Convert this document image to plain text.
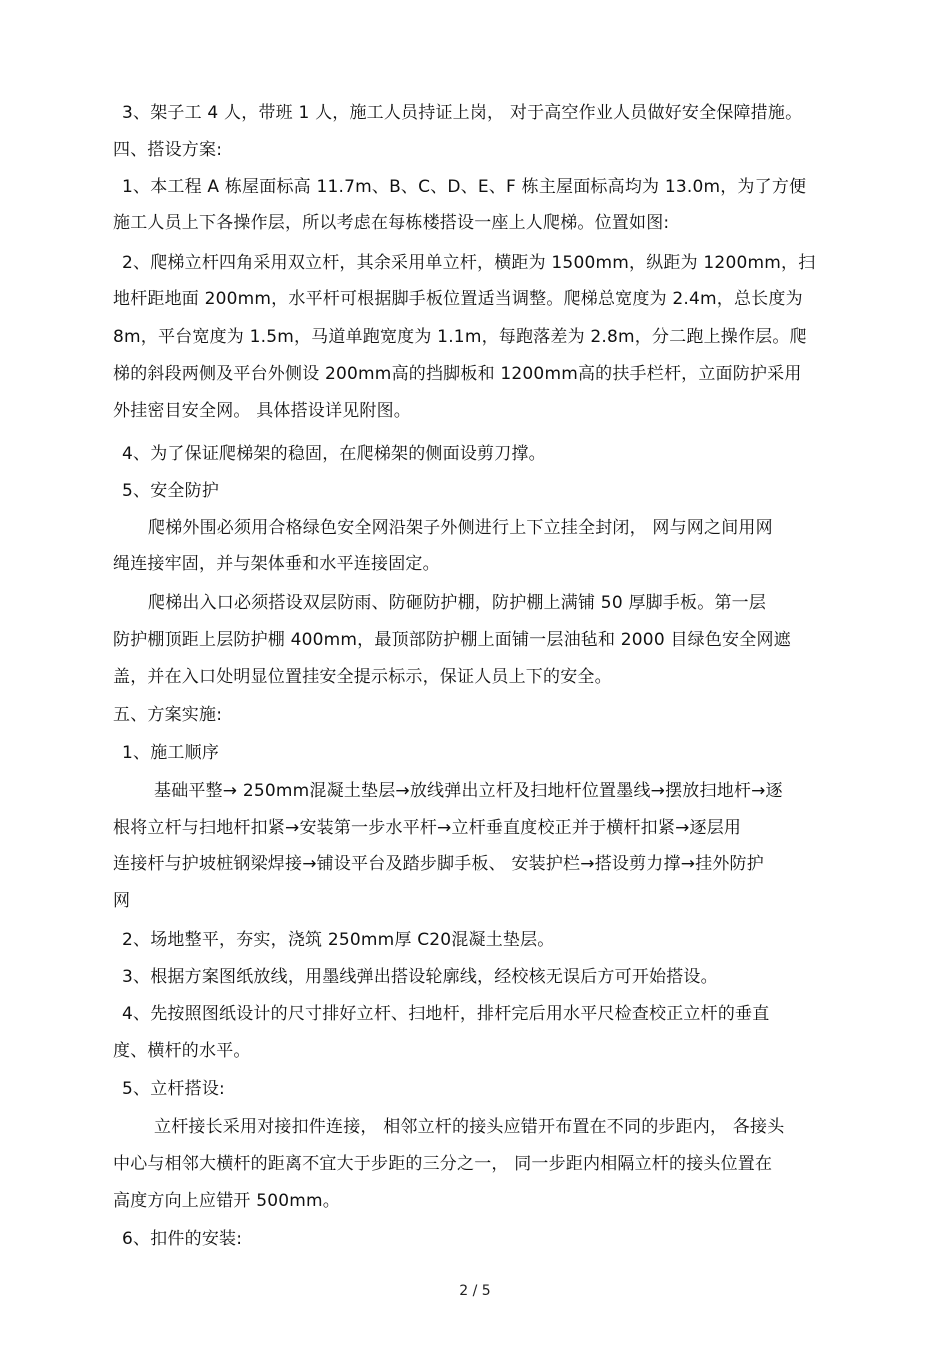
3、架子工 4 人，带班 1 人，施工人员持证上岗， 对于高空作业人员做好安全保障措施。
四、搭设方案:
1、本工程 A 栋屋面标高 11.7m、B、C、D、E、F 栋主屋面标高均为 13.0m，为了方便
施工人员上下各操作层，所以考虑在每栋楼搭设一座上人爬梯。位置如图:
2、爬梯立杆四角采用双立杆，其余采用单立杆，横距为 1500mm，纵距为 1200mm，扫
地杆距地面 200mm，水平杆可根据脚手板位置适当调整。爬梯总宽度为 2.4m，总长度为
8m，平台宽度为 1.5m，马道单跑宽度为 1.1m，每跑落差为 2.8m，分二跑上操作层。爬
梯的斜段两侧及平台外侧设 200mm高的挡脚板和 1200mm高的扶手栏杆，立面防护采用
外挂密目安全网。 具体搭设详见附图。
4、为了保证爬梯架的稳固，在爬梯架的侧面设剪刀撑。
5、安全防护
爬梯外围必须用合格绿色安全网沿架子外侧进行上下立挂全封闭， 网与网之间用网
绳连接牢固，并与架体垂和水平连接固定。
爬梯出入口必须搭设双层防雨、防砸防护棚，防护棚上满铺 50 厚脚手板。第一层
防护棚顶距上层防护棚 400mm，最顶部防护棚上面铺一层油毡和 2000 目绿色安全网遮
盖，并在入口处明显位置挂安全提示标示，保证人员上下的安全。
五、方案实施:
1、施工顺序
基础平整→ 250mm混凝土垫层→放线弹出立杆及扫地杆位置墨线→摆放扫地杆→逐
根将立杆与扫地杆扣紧→安装第一步水平杆→立杆垂直度校正并于横杆扣紧→逐层用
连接杆与护坡桩钢梁焊接→铺设平台及踏步脚手板、 安装护栏→搭设剪力撑→挂外防护
网
2、场地整平，夯实，浇筑 250mm厚 C20混凝土垫层。
3、根据方案图纸放线，用墨线弹出搭设轮廓线，经校核无误后方可开始搭设。
4、先按照图纸设计的尺寸排好立杆、扫地杆，排杆完后用水平尺检查校正立杆的垂直
度、横杆的水平。
5、立杆搭设:
立杆接长采用对接扣件连接， 相邻立杆的接头应错开布置在不同的步距内， 各接头
中心与相邻大横杆的距离不宜大于步距的三分之一， 同一步距内相隔立杆的接头位置在
高度方向上应错开 500mm。
6、扣件的安装:
2 / 5
